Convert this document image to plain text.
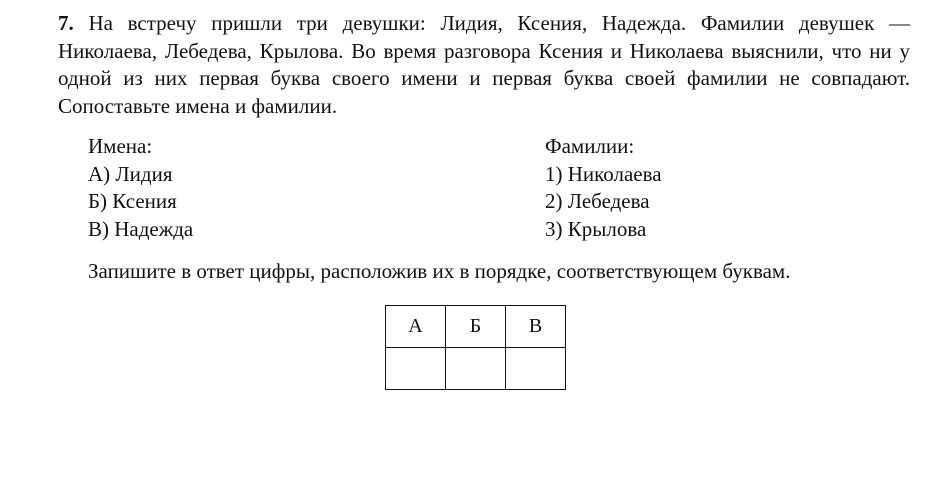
7. На встречу пришли три девушки: Лидия, Ксения, Надежда. Фамилии девушек — Николаева, Лебедева, Крылова. Во время разговора Ксения и Николаева выяснили, что ни у одной из них первая буква своего имени и первая буква своей фамилии не совпадают. Сопоставьте имена и фамилии.
Имена:
А) Лидия
Б) Ксения
В) Надежда
Фамилии:
1) Николаева
2) Лебедева
3) Крылова
Запишите в ответ цифры, расположив их в порядке, соответствующем буквам.
А	Б	В
